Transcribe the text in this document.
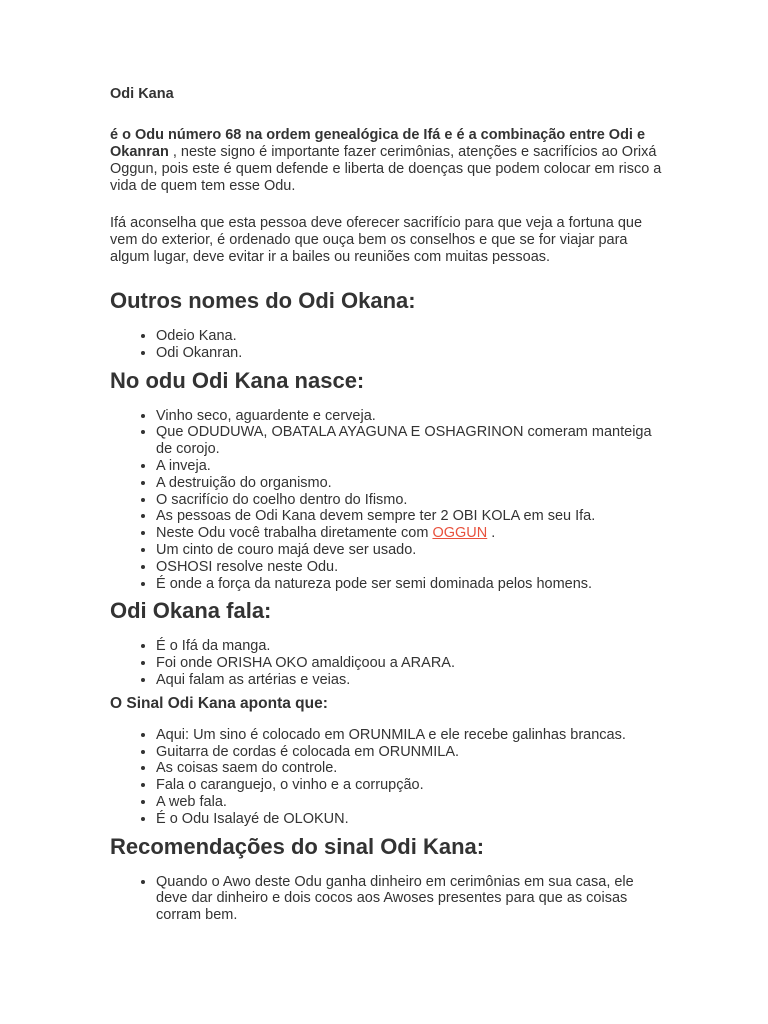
Odi Kana

é o Odu número 68 na ordem genealógica de Ifá e é a combinação entre Odi e Okanran , neste signo é importante fazer cerimônias, atenções e sacrifícios ao Orixá Oggun, pois este é quem defende e liberta de doenças que podem colocar em risco a vida de quem tem esse Odu.

Ifá aconselha que esta pessoa deve oferecer sacrifício para que veja a fortuna que vem do exterior, é ordenado que ouça bem os conselhos e que se for viajar para algum lugar, deve evitar ir a bailes ou reuniões com muitas pessoas.

Outros nomes do Odi Okana:
• Odeio Kana.
• Odi Okanran.
No odu Odi Kana nasce:
• Vinho seco, aguardente e cerveja.
• Que ODUDUWA, OBATALA AYAGUNA E OSHAGRINON comeram manteiga de corojo.
• A inveja.
• A destruição do organismo.
• O sacrifício do coelho dentro do Ifismo.
• As pessoas de Odi Kana devem sempre ter 2 OBI KOLA em seu Ifa.
• Neste Odu você trabalha diretamente com OGGUN .
• Um cinto de couro majá deve ser usado.
• OSHOSI resolve neste Odu.
• É onde a força da natureza pode ser semi dominada pelos homens.
Odi Okana fala:
• É o Ifá da manga.
• Foi onde ORISHA OKO amaldiçoou a ARARA.
• Aqui falam as artérias e veias.
O Sinal Odi Kana aponta que:
• Aqui: Um sino é colocado em ORUNMILA e ele recebe galinhas brancas.
• Guitarra de cordas é colocada em ORUNMILA.
• As coisas saem do controle.
• Fala o caranguejo, o vinho e a corrupção.
• A web fala.
• É o Odu Isalayé de OLOKUN.
Recomendações do sinal Odi Kana:
• Quando o Awo deste Odu ganha dinheiro em cerimônias em sua casa, ele deve dar dinheiro e dois cocos aos Awoses presentes para que as coisas corram bem.
